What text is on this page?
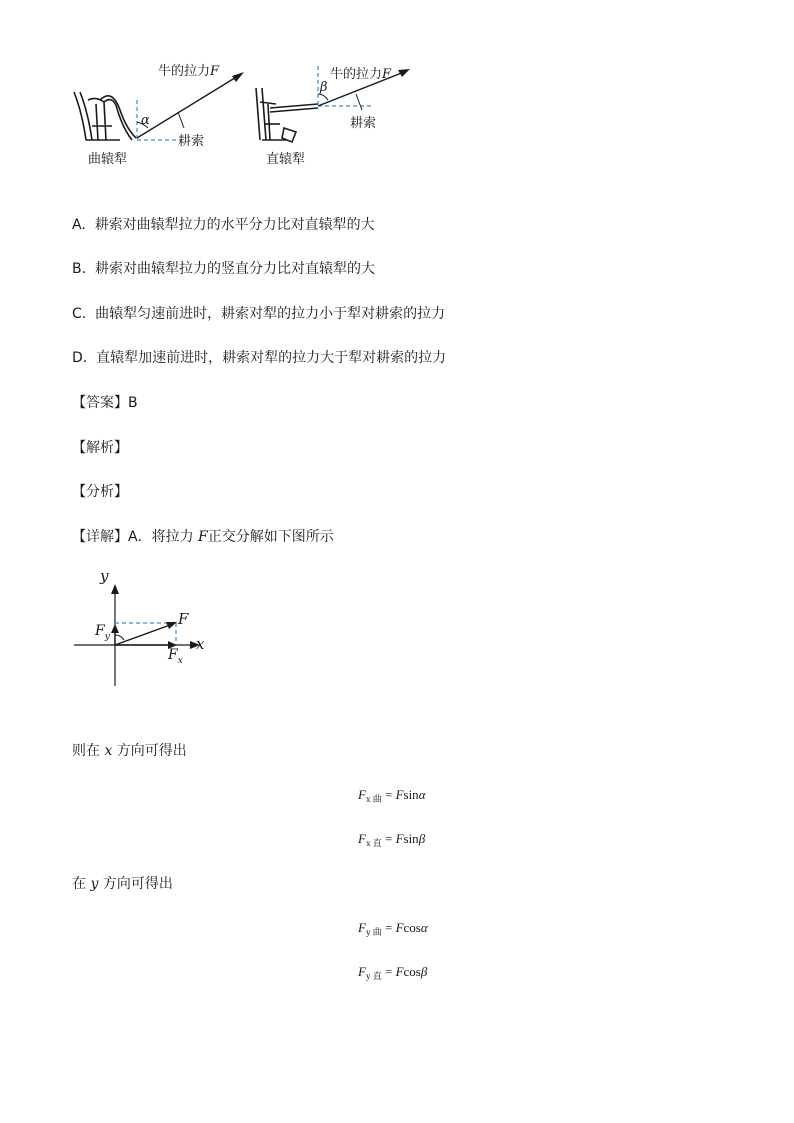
牛的拉力F
α
耕索
曲辕犁
牛的拉力F
β
耕索
直辕犁
A. 耕索对曲辕犁拉力的水平分力比对直辕犁的大
B. 耕索对曲辕犁拉力的竖直分力比对直辕犁的大
C. 曲辕犁匀速前进时，耕索对犁的拉力小于犁对耕索的拉力
D. 直辕犁加速前进时，耕索对犁的拉力大于犁对耕索的拉力
【答案】B
【解析】
【分析】
【详解】A．将拉力 F正交分解如下图所示
y
x
F
$F_y$
$F_x$
则在 x 方向可得出
$F_{x 曲} = Fsin\alpha$
$F_{x 直} = Fsin\beta$
在 y 方向可得出
$F_{y 曲} = Fcos\alpha$
$F_{y 直} = Fcos\beta$
